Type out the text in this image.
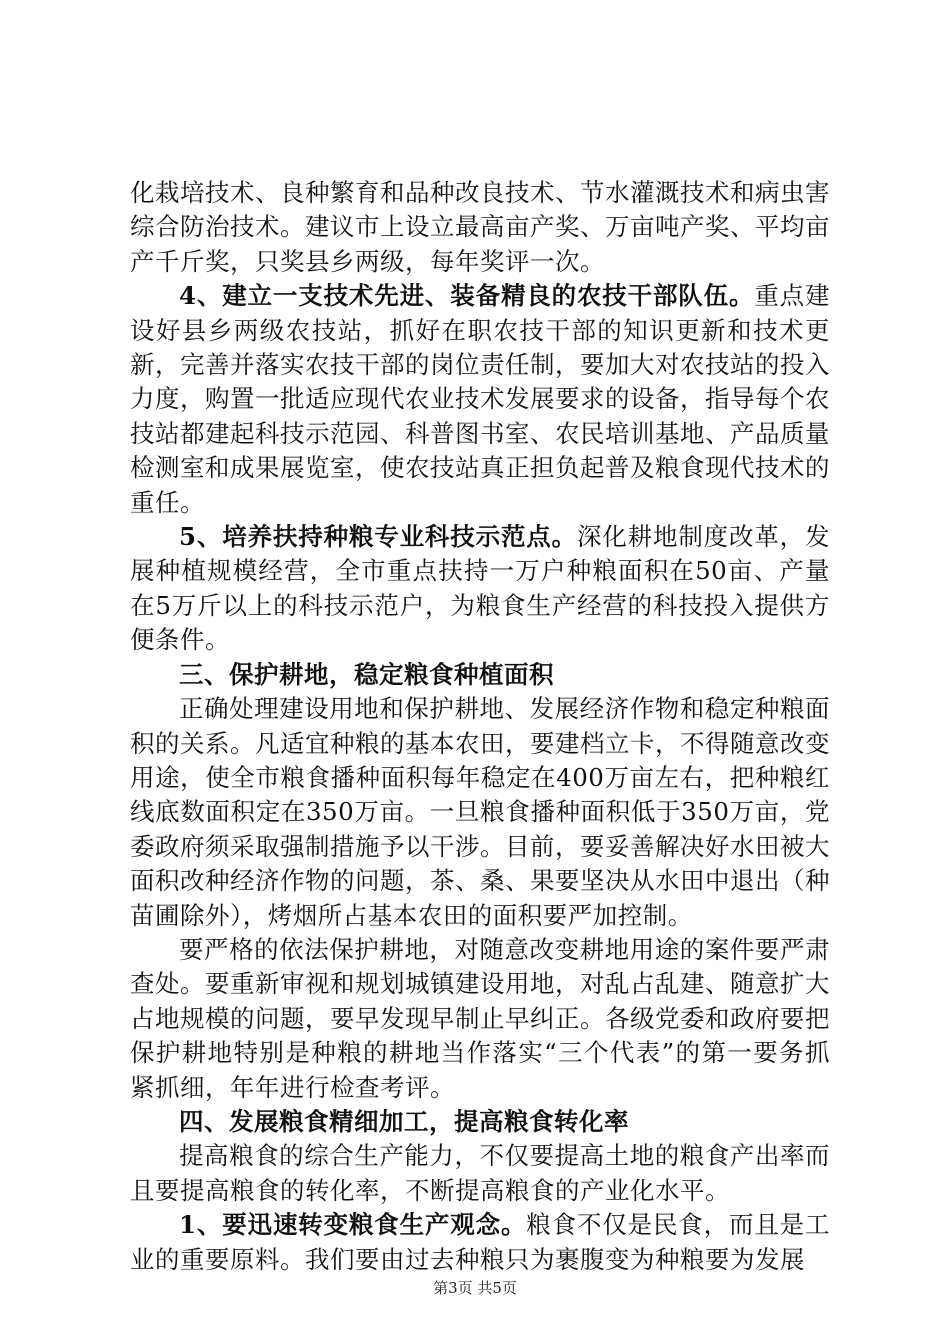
化栽培技术、良种繁育和品种改良技术、节水灌溉技术和病虫害综合防治技术。建议市上设立最高亩产奖、万亩吨产奖、平均亩产千斤奖，只奖县乡两级，每年奖评一次。

4、建立一支技术先进、装备精良的农技干部队伍。重点建设好县乡两级农技站，抓好在职农技干部的知识更新和技术更新，完善并落实农技干部的岗位责任制，要加大对农技站的投入力度，购置一批适应现代农业技术发展要求的设备，指导每个农技站都建起科技示范园、科普图书室、农民培训基地、产品质量检测室和成果展览室，使农技站真正担负起普及粮食现代技术的重任。

5、培养扶持种粮专业科技示范点。深化耕地制度改革，发展种植规模经营，全市重点扶持一万户种粮面积在50亩、产量在5万斤以上的科技示范户，为粮食生产经营的科技投入提供方便条件。

三、保护耕地，稳定粮食种植面积

正确处理建设用地和保护耕地、发展经济作物和稳定种粮面积的关系。凡适宜种粮的基本农田，要建档立卡，不得随意改变用途，使全市粮食播种面积每年稳定在400万亩左右，把种粮红线底数面积定在350万亩。一旦粮食播种面积低于350万亩，党委政府须采取强制措施予以干涉。目前，要妥善解决好水田被大面积改种经济作物的问题，茶、桑、果要坚决从水田中退出（种苗圃除外），烤烟所占基本农田的面积要严加控制。

要严格的依法保护耕地，对随意改变耕地用途的案件要严肃查处。要重新审视和规划城镇建设用地，对乱占乱建、随意扩大占地规模的问题，要早发现早制止早纠正。各级党委和政府要把保护耕地特别是种粮的耕地当作落实“三个代表”的第一要务抓紧抓细，年年进行检查考评。

四、发展粮食精细加工，提高粮食转化率

提高粮食的综合生产能力，不仅要提高土地的粮食产出率而且要提高粮食的转化率，不断提高粮食的产业化水平。

1、要迅速转变粮食生产观念。粮食不仅是民食，而且是工业的重要原料。我们要由过去种粮只为裹腹变为种粮要为发展

第3页 共5页
